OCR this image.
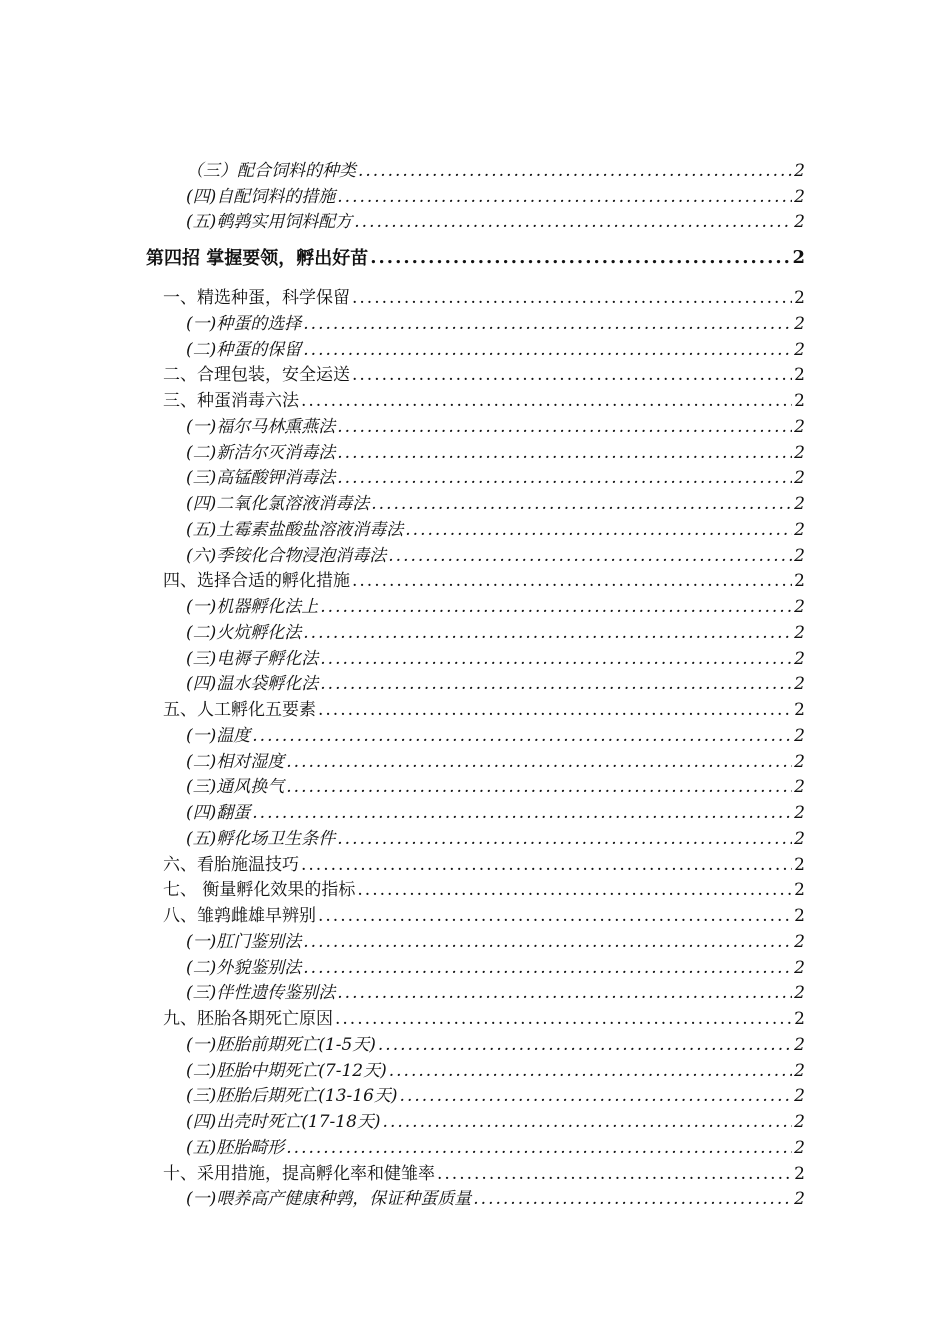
（三）配合饲料的种类 .....	2
(四)自配饲料的措施 .....	2
(五)鹌鹑实用饲料配方 .....	2
第四招 掌握要领，孵出好苗 .....	2
一、精选种蛋，科学保留 .....	2
(一)种蛋的选择 .....	2
(二)种蛋的保留 .....	2
二、合理包装，安全运送 .....	2
三、种蛋消毒六法 .....	2
(一)福尔马林熏燕法 .....	2
(二)新洁尔灭消毒法 .....	2
(三)高锰酸钾消毒法 .....	2
(四)二氧化氯溶液消毒法 .....	2
(五)土霉素盐酸盐溶液消毒法 .....	2
(六)季铵化合物浸泡消毒法 .....	2
四、选择合适的孵化措施 .....	2
(一)机器孵化法上 .....	2
(二)火炕孵化法 .....	2
(三)电褥子孵化法 .....	2
(四)温水袋孵化法 .....	2
五、人工孵化五要素 .....	2
(一)温度 .....	2
(二)相对湿度 .....	2
(三)通风换气 .....	2
(四)翻蛋 .....	2
(五)孵化场卫生条件 .....	2
六、看胎施温技巧 .....	2
七、 衡量孵化效果的指标 .....	2
八、雏鹑雌雄早辨别 .....	2
(一)肛门鉴别法 .....	2
(二)外貌鉴别法 .....	2
(三)伴性遗传鉴别法 .....	2
九、胚胎各期死亡原因 .....	2
(一)胚胎前期死亡(1-5天) .....	2
(二)胚胎中期死亡(7-12天) .....	2
(三)胚胎后期死亡(13-16天) .....	2
(四)出壳时死亡(17-18天) .....	2
(五)胚胎畸形 .....	2
十、采用措施，提高孵化率和健雏率 .....	2
(一)喂养高产健康种鹑，保证种蛋质量 .....	2
